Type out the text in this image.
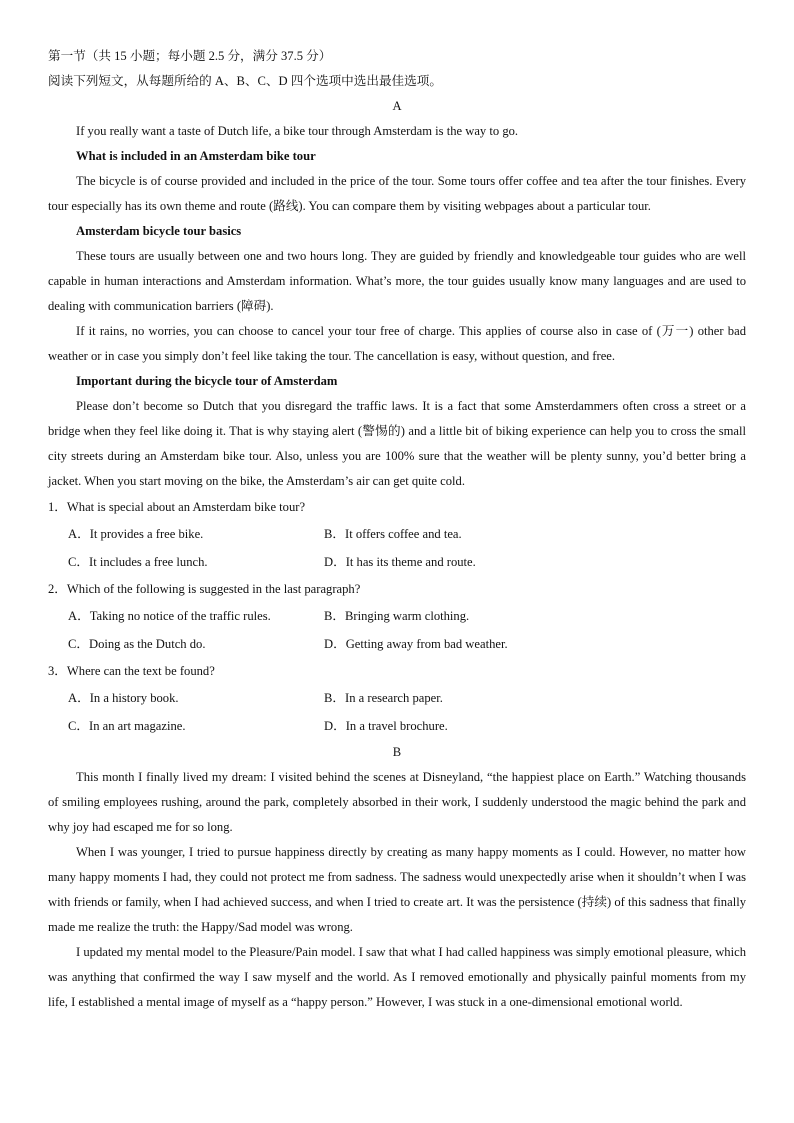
第一节（共 15 小题；每小题 2.5 分，满分 37.5 分）

阅读下列短文，从每题所给的 A、B、C、D 四个选项中选出最佳选项。

A

If you really want a taste of Dutch life, a bike tour through Amsterdam is the way to go.

What is included in an Amsterdam bike tour

The bicycle is of course provided and included in the price of the tour. Some tours offer coffee and tea after the tour finishes. Every tour especially has its own theme and route (路线). You can compare them by visiting webpages about a particular tour.

Amsterdam bicycle tour basics

These tours are usually between one and two hours long. They are guided by friendly and knowledgeable tour guides who are well capable in human interactions and Amsterdam information. What’s more, the tour guides usually know many languages and are used to dealing with communication barriers (障碍).

If it rains, no worries, you can choose to cancel your tour free of charge. This applies of course also in case of (万一) other bad weather or in case you simply don’t feel like taking the tour. The cancellation is easy, without question, and free.

Important during the bicycle tour of Amsterdam

Please don’t become so Dutch that you disregard the traffic laws. It is a fact that some Amsterdammers often cross a street or a bridge when they feel like doing it. That is why staying alert (警惕的) and a little bit of biking experience can help you to cross the small city streets during an Amsterdam bike tour. Also, unless you are 100% sure that the weather will be plenty sunny, you’d better bring a jacket. When you start moving on the bike, the Amsterdam’s air can get quite cold.

1．What is special about an Amsterdam bike tour?

A．It provides a free bike.	B．It offers coffee and tea.
C．It includes a free lunch.	D．It has its theme and route.

2．Which of the following is suggested in the last paragraph?

A．Taking no notice of the traffic rules.	B．Bringing warm clothing.
C．Doing as the Dutch do.	D．Getting away from bad weather.

3．Where can the text be found?

A．In a history book.	B．In a research paper.
C．In an art magazine.	D．In a travel brochure.

B

This month I finally lived my dream: I visited behind the scenes at Disneyland, “the happiest place on Earth.” Watching thousands of smiling employees rushing, around the park, completely absorbed in their work, I suddenly understood the magic behind the park and why joy had escaped me for so long.

When I was younger, I tried to pursue happiness directly by creating as many happy moments as I could. However, no matter how many happy moments I had, they could not protect me from sadness. The sadness would unexpectedly arise when it shouldn’t when I was with friends or family, when I had achieved success, and when I tried to create art. It was the persistence (持续) of this sadness that finally made me realize the truth: the Happy/Sad model was wrong.

I updated my mental model to the Pleasure/Pain model. I saw that what I had called happiness was simply emotional pleasure, which was anything that confirmed the way I saw myself and the world. As I removed emotionally and physically painful moments from my life, I established a mental image of myself as a “happy person.” However, I was stuck in a one-dimensional emotional world.
